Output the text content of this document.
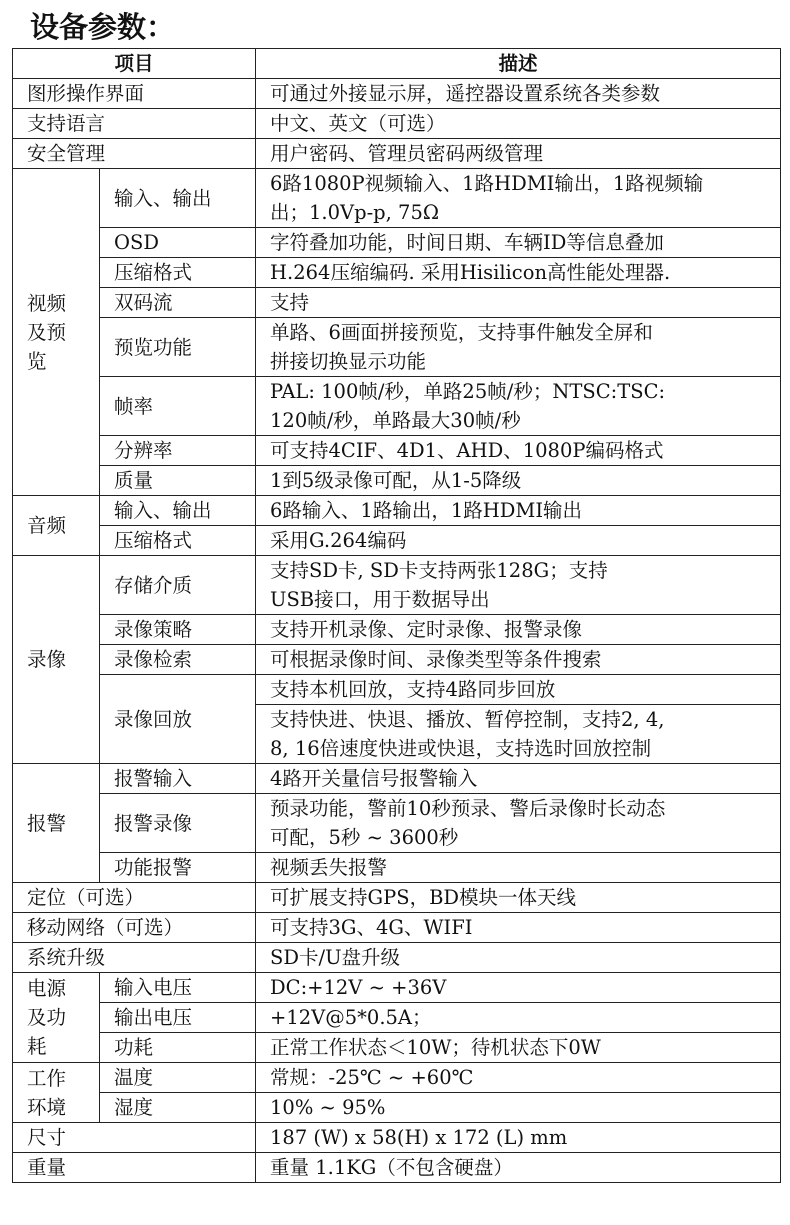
设备参数：
项目		描述
图形操作界面		可通过外接显示屏，遥控器设置系统各类参数
支持语言		中文、英文（可选）
安全管理		用户密码、管理员密码两级管理

视频
及预
览	输入、输出	6路1080P视频输入、1路HDMI输出，1路视频输
出；1.0Vp-p, 75Ω

	OSD	字符叠加功能，时间日期、车辆ID等信息叠加
	压缩格式	H.264压缩编码. 采用Hisilicon高性能处理器.
	双码流	支持
	预览功能	单路、6画面拼接预览，支持事件触发全屏和
拼接切换显示功能

	帧率	PAL: 100帧/秒，单路25帧/秒；NTSC:TSC:
120帧/秒，单路最大30帧/秒

	分辨率	可支持4CIF、4D1、AHD、1080P编码格式
	质量	1到5级录像可配，从1-5降级
音频	输入、输出	6路输入、1路输出，1路HDMI输出
	压缩格式	采用G.264编码
录像	存储介质	支持SD卡, SD卡支持两张128G；支持
USB接口，用于数据导出

	录像策略	支持开机录像、定时录像、报警录像
	录像检索	可根据录像时间、录像类型等条件搜索
	录像回放	支持本机回放，支持4路同步回放

		支持快进、快退、播放、暂停控制，支持2, 4,
8, 16倍速度快进或快退，支持选时回放控制

报警	报警输入	4路开关量信号报警输入
	报警录像	预录功能，警前10秒预录、警后录像时长动态
可配，5秒 ~ 3600秒

	功能报警	视频丢失报警
定位（可选）		可扩展支持GPS，BD模块一体天线
移动网络（可选）		可支持3G、4G、WIFI
系统升级		SD卡/U盘升级

电源
及功
耗	输入电压	DC:+12V ~ +36V
	输出电压	+12V@5*0.5A；
	功耗	正常工作状态＜10W；待机状态下0W

工作
环境	温度	常规：-25℃ ~ +60℃
	湿度	10% ~ 95%
尺寸		187 (W) x 58(H) x 172 (L) mm
重量		重量 1.1KG（不包含硬盘）
